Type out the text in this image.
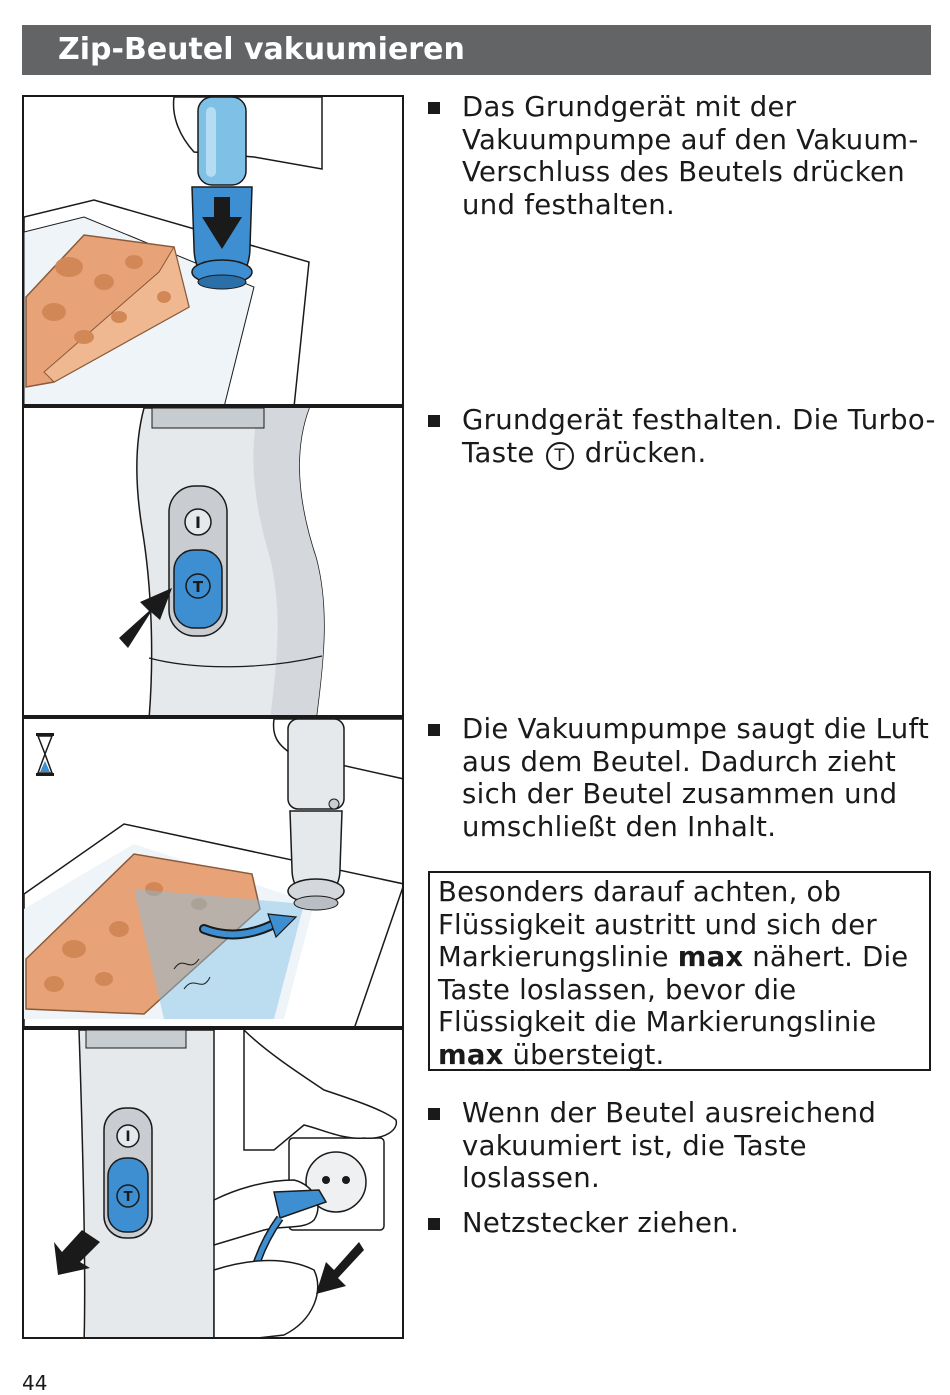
Zip-Beutel vakuumieren
I
T
I
T
Das Grundgerät mit der Vakuumpumpe auf den Vakuum-Verschluss des Beutels drücken und festhalten.
Grundgerät festhalten. Die Turbo-Taste T drücken.
Die Vakuumpumpe saugt die Luft aus dem Beutel. Dadurch zieht sich der Beutel zusammen und umschließt den Inhalt.
Besonders darauf achten, ob Flüssigkeit austritt und sich der Markierungslinie max nähert. Die Taste loslassen, bevor die Flüssigkeit die Markierungslinie max übersteigt.
Wenn der Beutel ausreichend vakuumiert ist, die Taste loslassen.
Netzstecker ziehen.
44
